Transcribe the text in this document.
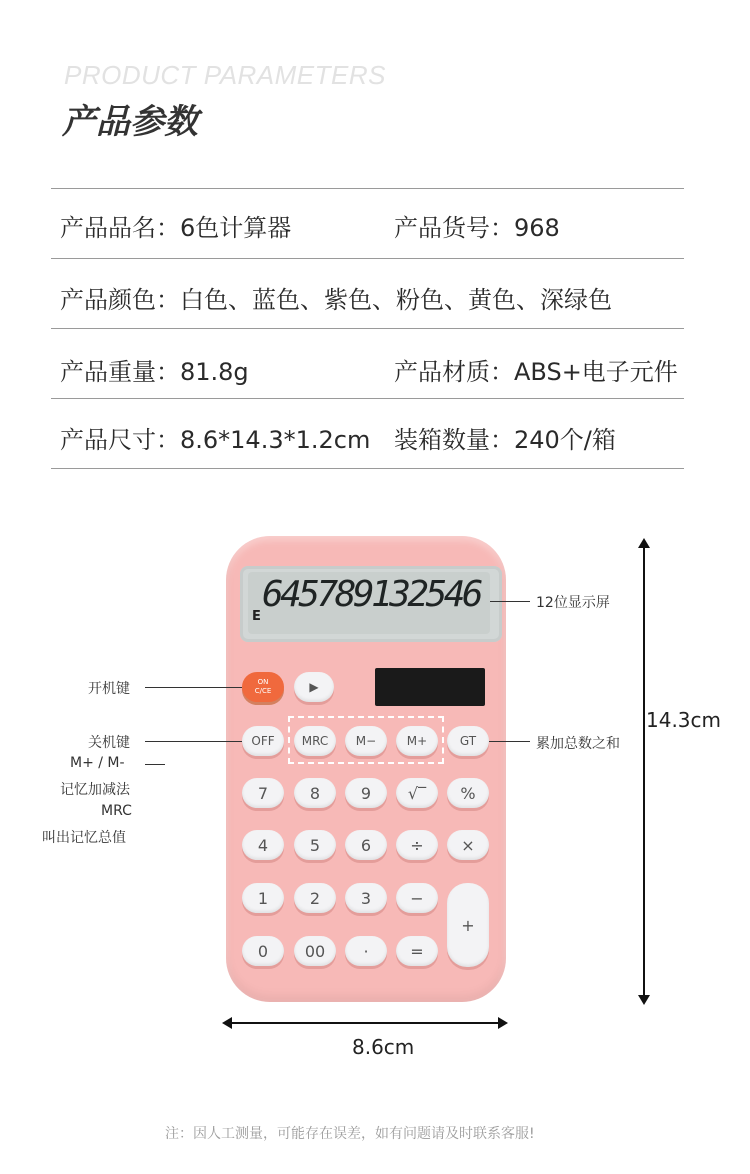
PRODUCT PARAMETERS
产品参数
产品品名：6色计算器	产品货号：968
产品颜色：白色、蓝色、紫色、粉色、黄色、深绿色
产品重量：81.8g	产品材质：ABS+电子元件
产品尺寸：8.6*14.3*1.2cm 装箱数量：240个/箱
645789132546
E
ON
C/CE	▶
OFF	MRC	M−	M+	GT
7	8	9	√‾	%
4	5	6	÷	×
1	2	3	−
+
0	00	·	=
12位显示屏
开机键
关机键
M+ / M-
记忆加减法
MRC
叫出记忆总值
累加总数之和
14.3cm
8.6cm
注：因人工测量，可能存在误差，如有问题请及时联系客服!
